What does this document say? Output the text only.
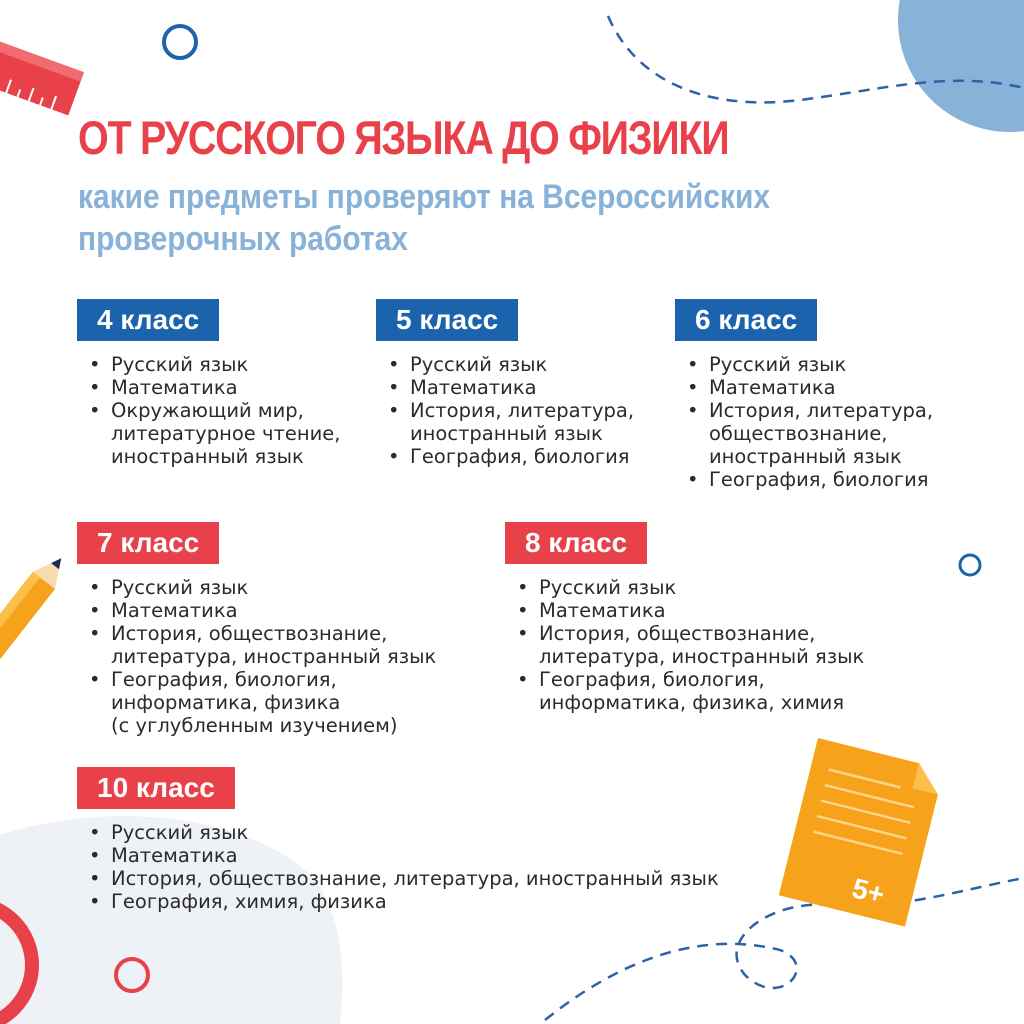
5+
ОТ РУССКОГО ЯЗЫКА ДО ФИЗИКИ

какие предметы проверяют на Всероссийских проверочных работах

4 класс
• Русский язык
• Математика
• Окружающий мир,
литературное чтение,
иностранный язык
5 класс
• Русский язык
• Математика
• История, литература,
иностранный язык
• География, биология
6 класс
• Русский язык
• Математика
• История, литература,
обществознание,
иностранный язык
• География, биология
7 класс
• Русский язык
• Математика
• История, обществознание,
литература, иностранный язык
• География, биология,
информатика, физика
(с углубленным изучением)
8 класс
• Русский язык
• Математика
• История, обществознание,
литература, иностранный язык
• География, биология,
информатика, физика, химия
10 класс
• Русский язык
• Математика
• История, обществознание, литература, иностранный язык
• География, химия, физика
